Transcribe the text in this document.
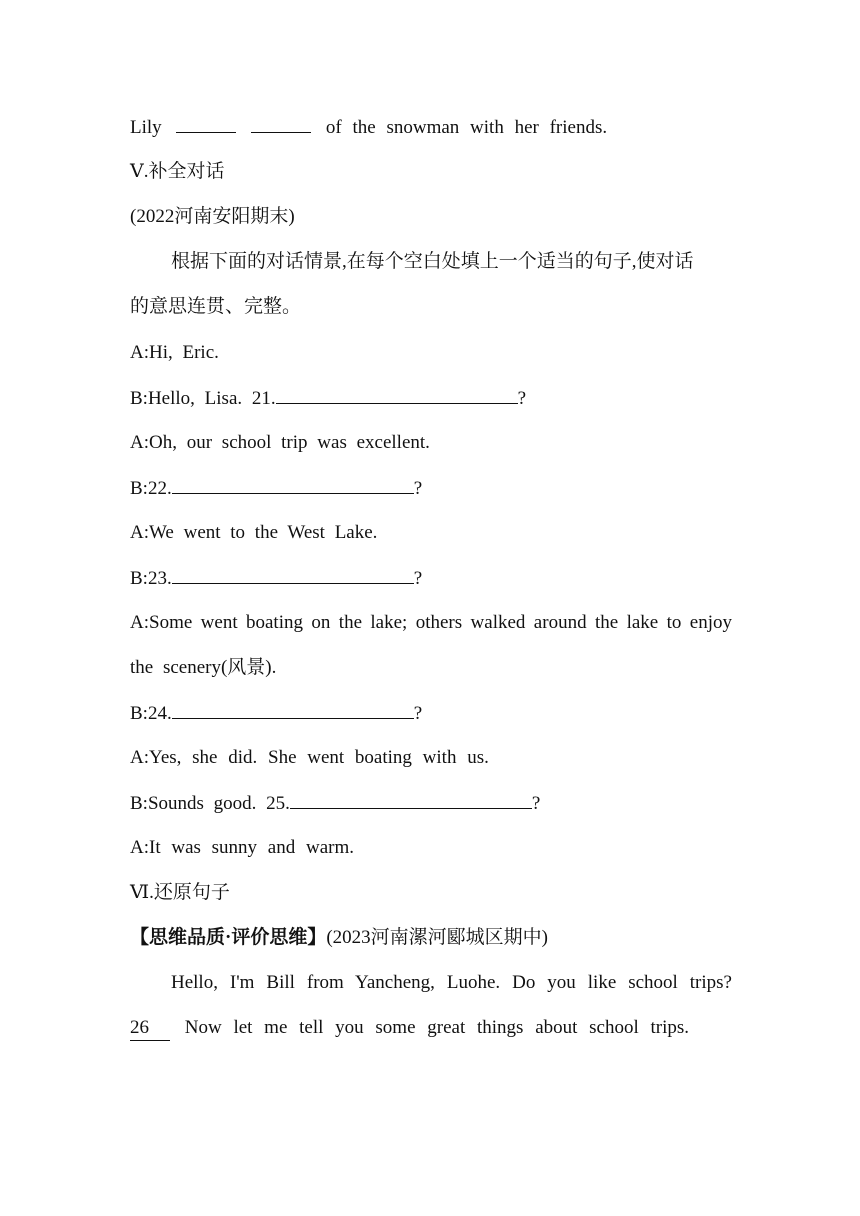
Lily	of the snowman with her friends.
Ⅴ.补全对话
(2022河南安阳期末)
根据下面的对话情景,在每个空白处填上一个适当的句子,使对话
的意思连贯、完整。
A:Hi, Eric.
B:Hello, Lisa. 21.	?
A:Oh, our school trip was excellent.
B:22.	?
A:We went to the West Lake.
B:23.	?
A:Some went boating on the lake; others walked around the lake to enjoy
the scenery(风景).
B:24.	?
A:Yes, she did. She went boating with us.
B:Sounds good. 25.	?
A:It was sunny and warm.
Ⅵ.还原句子
【思维品质·评价思维】(2023河南漯河郾城区期中)
Hello, I'm Bill from Yancheng, Luohe. Do you like school trips?
26 Now let me tell you some great things about school trips.
